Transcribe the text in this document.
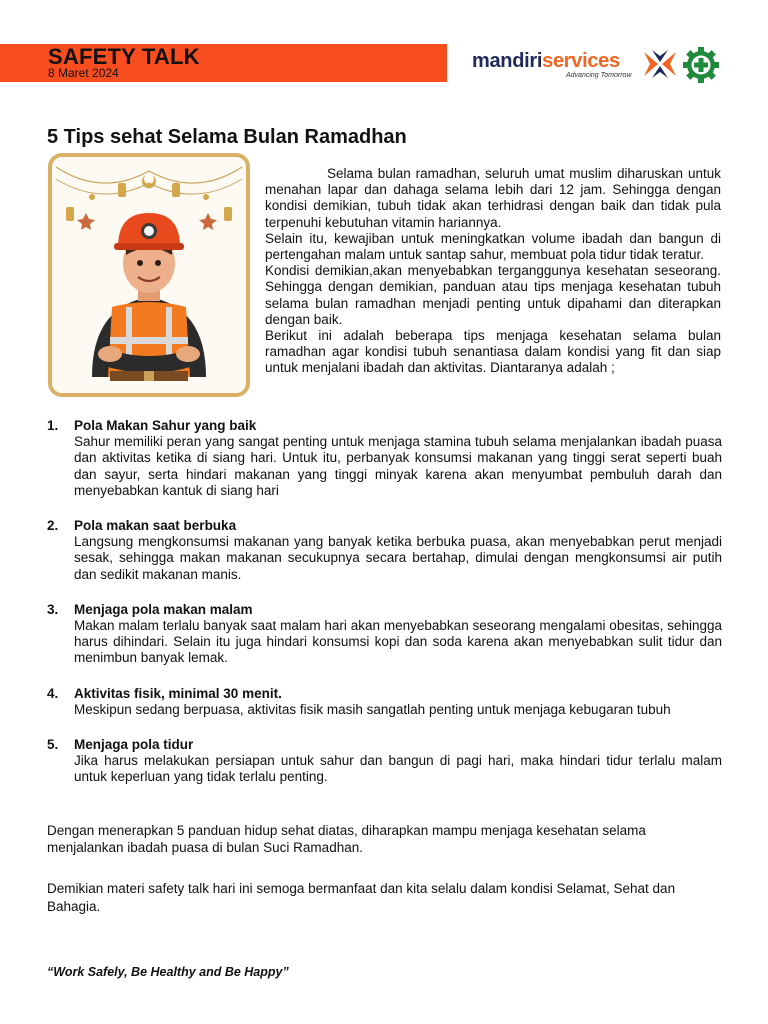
SAFETY TALK
8 Maret 2024
mandiriservices
Advancing Tomorrow
5 Tips sehat Selama Bulan Ramadhan

Selama bulan ramadhan, seluruh umat muslim diharuskan untuk menahan lapar dan dahaga selama lebih dari 12 jam. Sehingga dengan kondisi demikian, tubuh tidak akan terhidrasi dengan baik dan tidak pula terpenuhi kebutuhan vitamin hariannya.

Selain itu, kewajiban untuk meningkatkan volume ibadah dan bangun di pertengahan malam untuk santap sahur, membuat pola tidur tidak teratur.

Kondisi demikian,akan menyebabkan terganggunya kesehatan seseorang. Sehingga dengan demikian, panduan atau tips menjaga kesehatan tubuh selama bulan ramadhan menjadi penting untuk dipahami dan diterapkan dengan baik.

Berikut ini adalah beberapa tips menjaga kesehatan selama bulan ramadhan agar kondisi tubuh senantiasa dalam kondisi yang fit dan siap untuk menjalani ibadah dan aktivitas. Diantaranya adalah ;

1. Pola Makan Sahur yang baik
Sahur memiliki peran yang sangat penting untuk menjaga stamina tubuh selama menjalankan ibadah puasa dan aktivitas ketika di siang hari. Untuk itu, perbanyak konsumsi makanan yang tinggi serat seperti buah dan sayur, serta hindari makanan yang tinggi minyak karena akan menyumbat pembuluh darah dan menyebabkan kantuk di siang hari
2. Pola makan saat berbuka
Langsung mengkonsumsi makanan yang banyak ketika berbuka puasa, akan menyebabkan perut menjadi sesak, sehingga makan makanan secukupnya secara bertahap, dimulai dengan mengkonsumsi air putih dan sedikit makanan manis.
3. Menjaga pola makan malam
Makan malam terlalu banyak saat malam hari akan menyebabkan seseorang mengalami obesitas, sehingga harus dihindari. Selain itu juga hindari konsumsi kopi dan soda karena akan menyebabkan sulit tidur dan menimbun banyak lemak.
4. Aktivitas fisik, minimal 30 menit.
Meskipun sedang berpuasa, aktivitas fisik masih sangatlah penting untuk menjaga kebugaran tubuh
5. Menjaga pola tidur
Jika harus melakukan persiapan untuk sahur dan bangun di pagi hari, maka hindari tidur terlalu malam untuk keperluan yang tidak terlalu penting.

Dengan menerapkan 5 panduan hidup sehat diatas, diharapkan mampu menjaga kesehatan selama menjalankan ibadah puasa di bulan Suci Ramadhan.

Demikian materi safety talk hari ini semoga bermanfaat dan kita selalu dalam kondisi Selamat, Sehat dan Bahagia.

“Work Safely, Be Healthy and Be Happy”
